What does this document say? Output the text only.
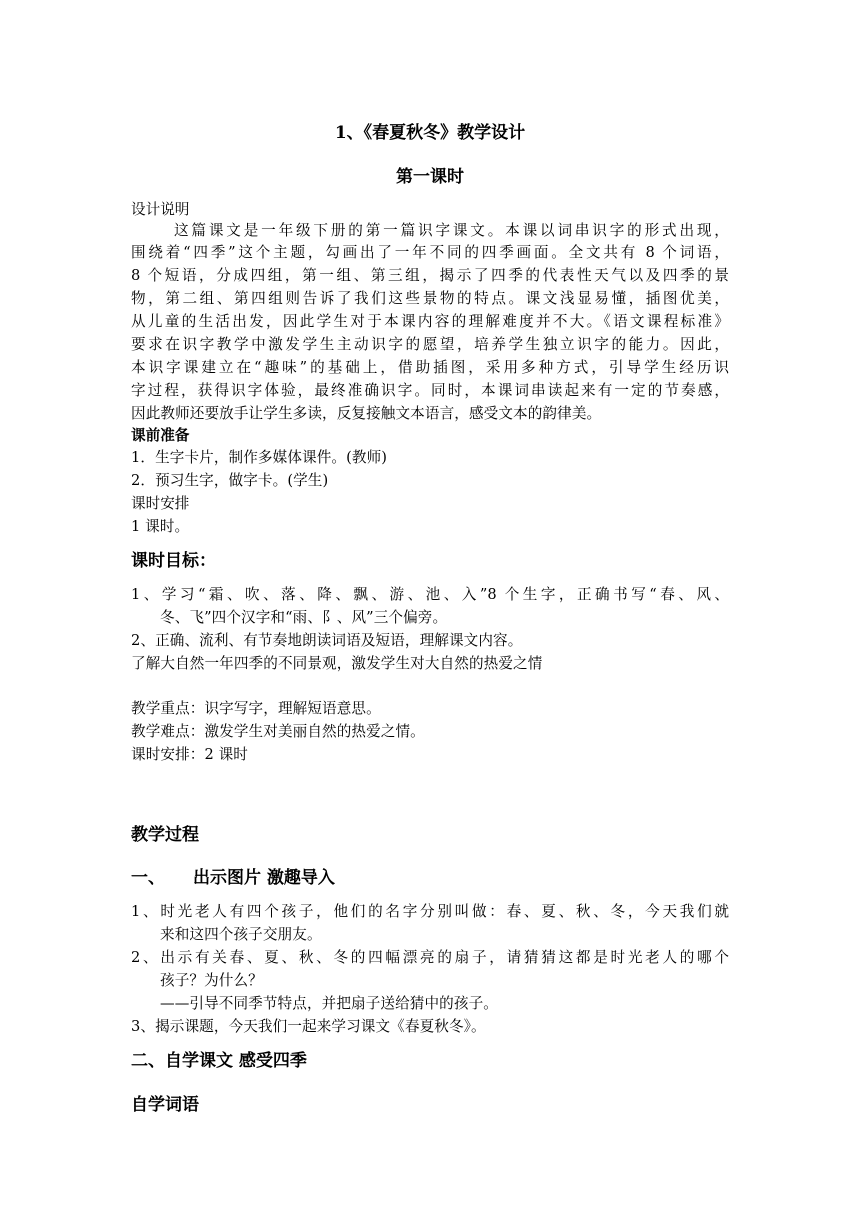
1、《春夏秋冬》教学设计
第一课时
设计说明
这篇课文是一年级下册的第一篇识字课文。本课以词串识字的形式出现，
围绕着“四季”这个主题，勾画出了一年不同的四季画面。全文共有 8 个词语，
8 个短语，分成四组，第一组、第三组，揭示了四季的代表性天气以及四季的景
物，第二组、第四组则告诉了我们这些景物的特点。课文浅显易懂，插图优美，
从儿童的生活出发，因此学生对于本课内容的理解难度并不大。《语文课程标准》
要求在识字教学中激发学生主动识字的愿望，培养学生独立识字的能力。因此，
本识字课建立在“趣味”的基础上，借助插图，采用多种方式，引导学生经历识
字过程，获得识字体验，最终准确识字。同时，本课词串读起来有一定的节奏感，
因此教师还要放手让学生多读，反复接触文本语言，感受文本的韵律美。
课前准备
1．生字卡片，制作多媒体课件。(教师)
2．预习生字，做字卡。(学生)
课时安排
1 课时。
课时目标：
1、学习“霜、吹、落、降、飘、游、池、入”8 个生字，正确书写“春、风、
冬、飞”四个汉字和“雨、阝、风”三个偏旁。
2、正确、流利、有节奏地朗读词语及短语，理解课文内容。
了解大自然一年四季的不同景观，激发学生对大自然的热爱之情
教学重点：识字写字，理解短语意思。
教学难点：激发学生对美丽自然的热爱之情。
课时安排：2 课时
教学过程
一、 出示图片 激趣导入
1、时光老人有四个孩子，他们的名字分别叫做：春、夏、秋、冬，今天我们就
来和这四个孩子交朋友。
2、出示有关春、夏、秋、冬的四幅漂亮的扇子，请猜猜这都是时光老人的哪个
孩子？为什么？
——引导不同季节特点，并把扇子送给猜中的孩子。
3、揭示课题，今天我们一起来学习课文《春夏秋冬》。
二、自学课文 感受四季
自学词语
